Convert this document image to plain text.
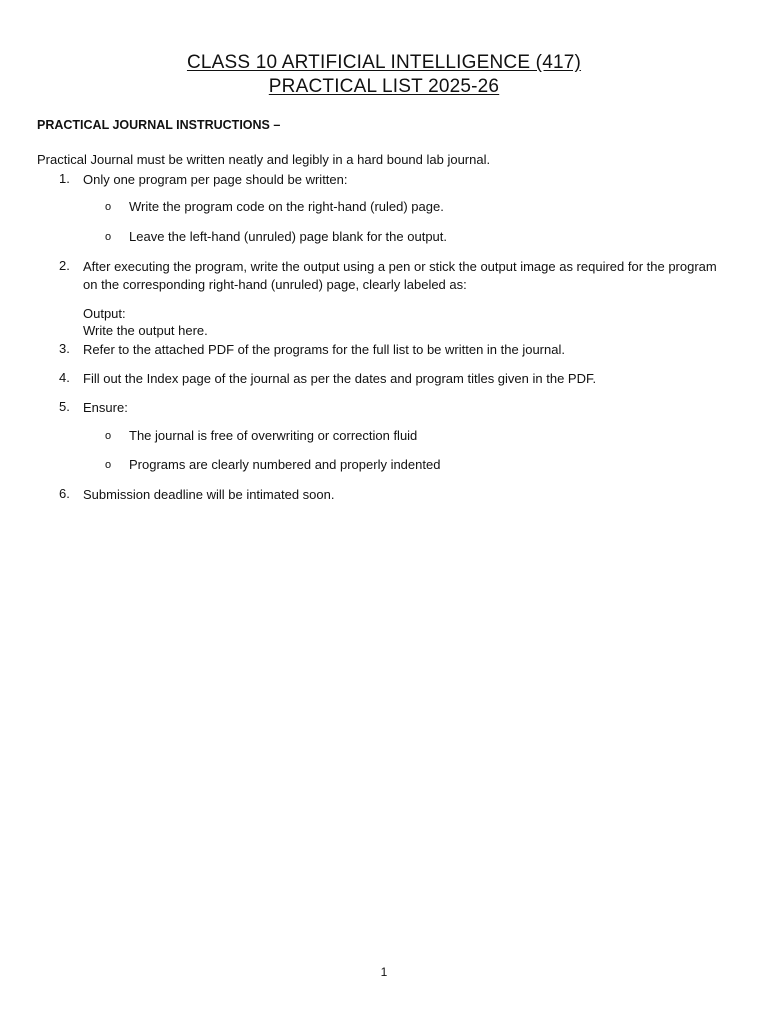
CLASS 10 ARTIFICIAL INTELLIGENCE (417)
PRACTICAL LIST 2025-26
PRACTICAL JOURNAL INSTRUCTIONS –
Practical Journal must be written neatly and legibly in a hard bound lab journal.
1. Only one program per page should be written:
o Write the program code on the right-hand (ruled) page.
o Leave the left-hand (unruled) page blank for the output.
2. After executing the program, write the output using a pen or stick the output image as required for the program on the corresponding right-hand (unruled) page, clearly labeled as:
Output:
Write the output here.
3. Refer to the attached PDF of the programs for the full list to be written in the journal.
4. Fill out the Index page of the journal as per the dates and program titles given in the PDF.
5. Ensure:
o The journal is free of overwriting or correction fluid
o Programs are clearly numbered and properly indented
6. Submission deadline will be intimated soon.
1
